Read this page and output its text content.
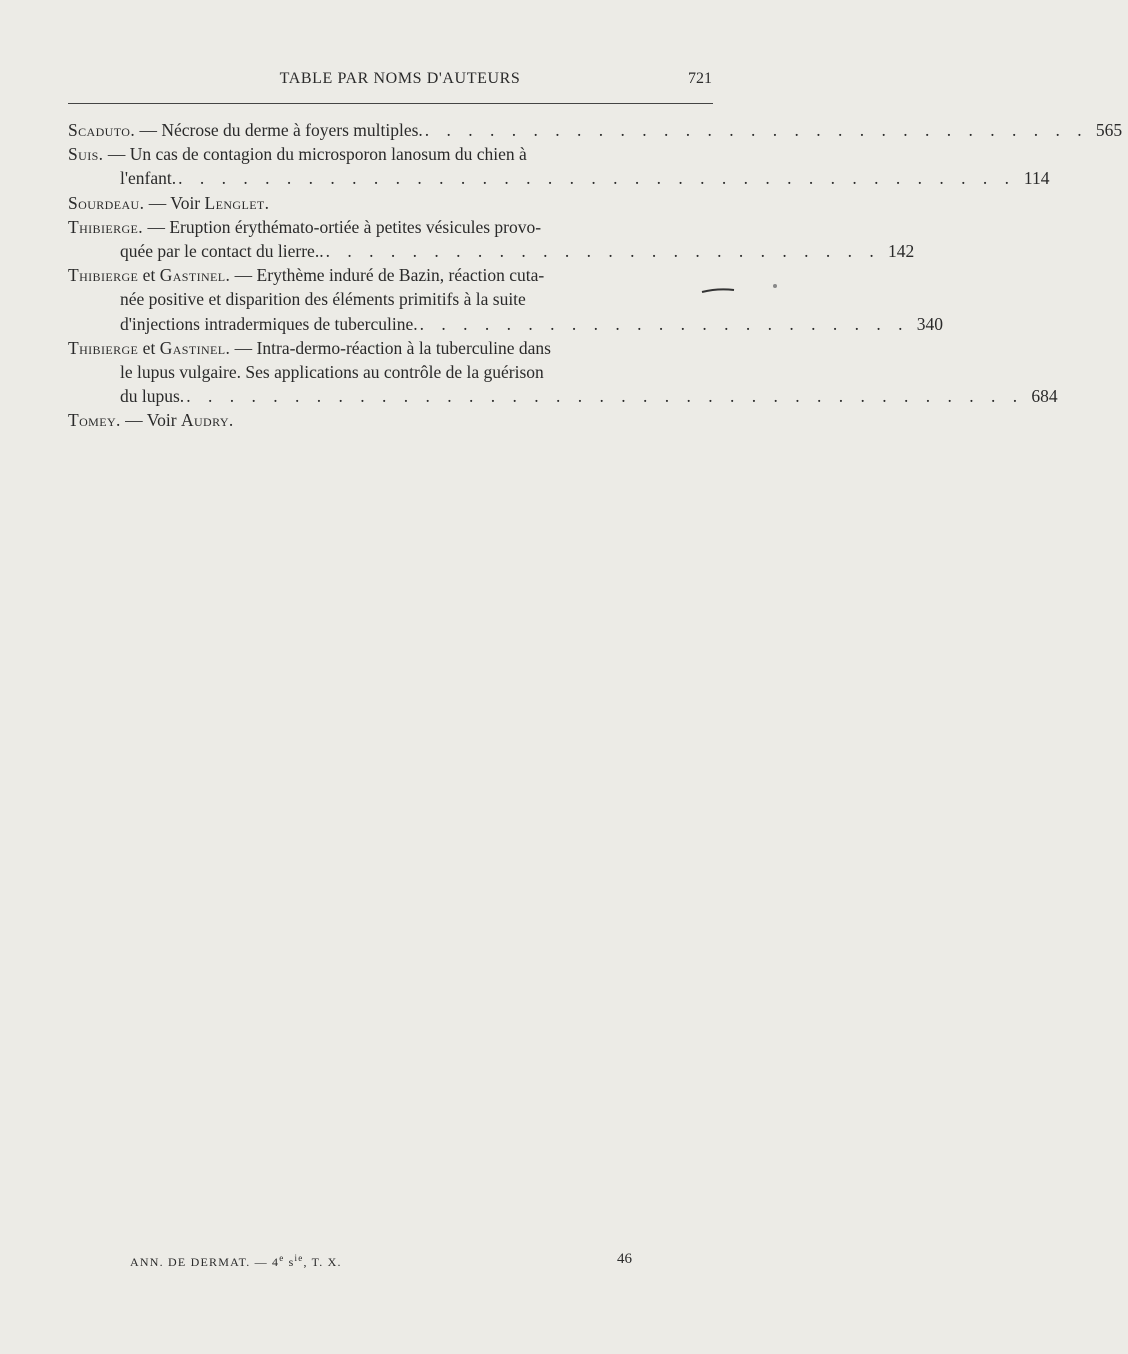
TABLE PAR NOMS D'AUTEURS	721
Scaduto. — Nécrose du derme à foyers multiples. . . . . . . . . . . . . . . . . . . . . . . . . . . . . . . . 565
Suis. — Un cas de contagion du microsporon lanosum du chien à
l'enfant. . . . . . . . . . . . . . . . . . . . . . . . . . . . . . . . . . . . . . . . 114
Sourdeau. — Voir Lenglet.
Thibierge. — Eruption érythémato-ortiée à petites vésicules provo-
quée par le contact du lierre.. . . . . . . . . . . . . . . . . . . . . . . . . . . 142
Thibierge et Gastinel. — Erythème induré de Bazin, réaction cuta-
née positive et disparition des éléments primitifs à la suite
d'injections intradermiques de tuberculine. . . . . . . . . . . . . . . . . . . . . . . . 340
Thibierge et Gastinel. — Intra-dermo-réaction à la tuberculine dans
le lupus vulgaire. Ses applications au contrôle de la guérison
du lupus. . . . . . . . . . . . . . . . . . . . . . . . . . . . . . . . . . . . . . . . 684
Tomey. — Voir Audry.
ANN. DE DERMAT. — 4e $s^{ie}$, T. X.	46
